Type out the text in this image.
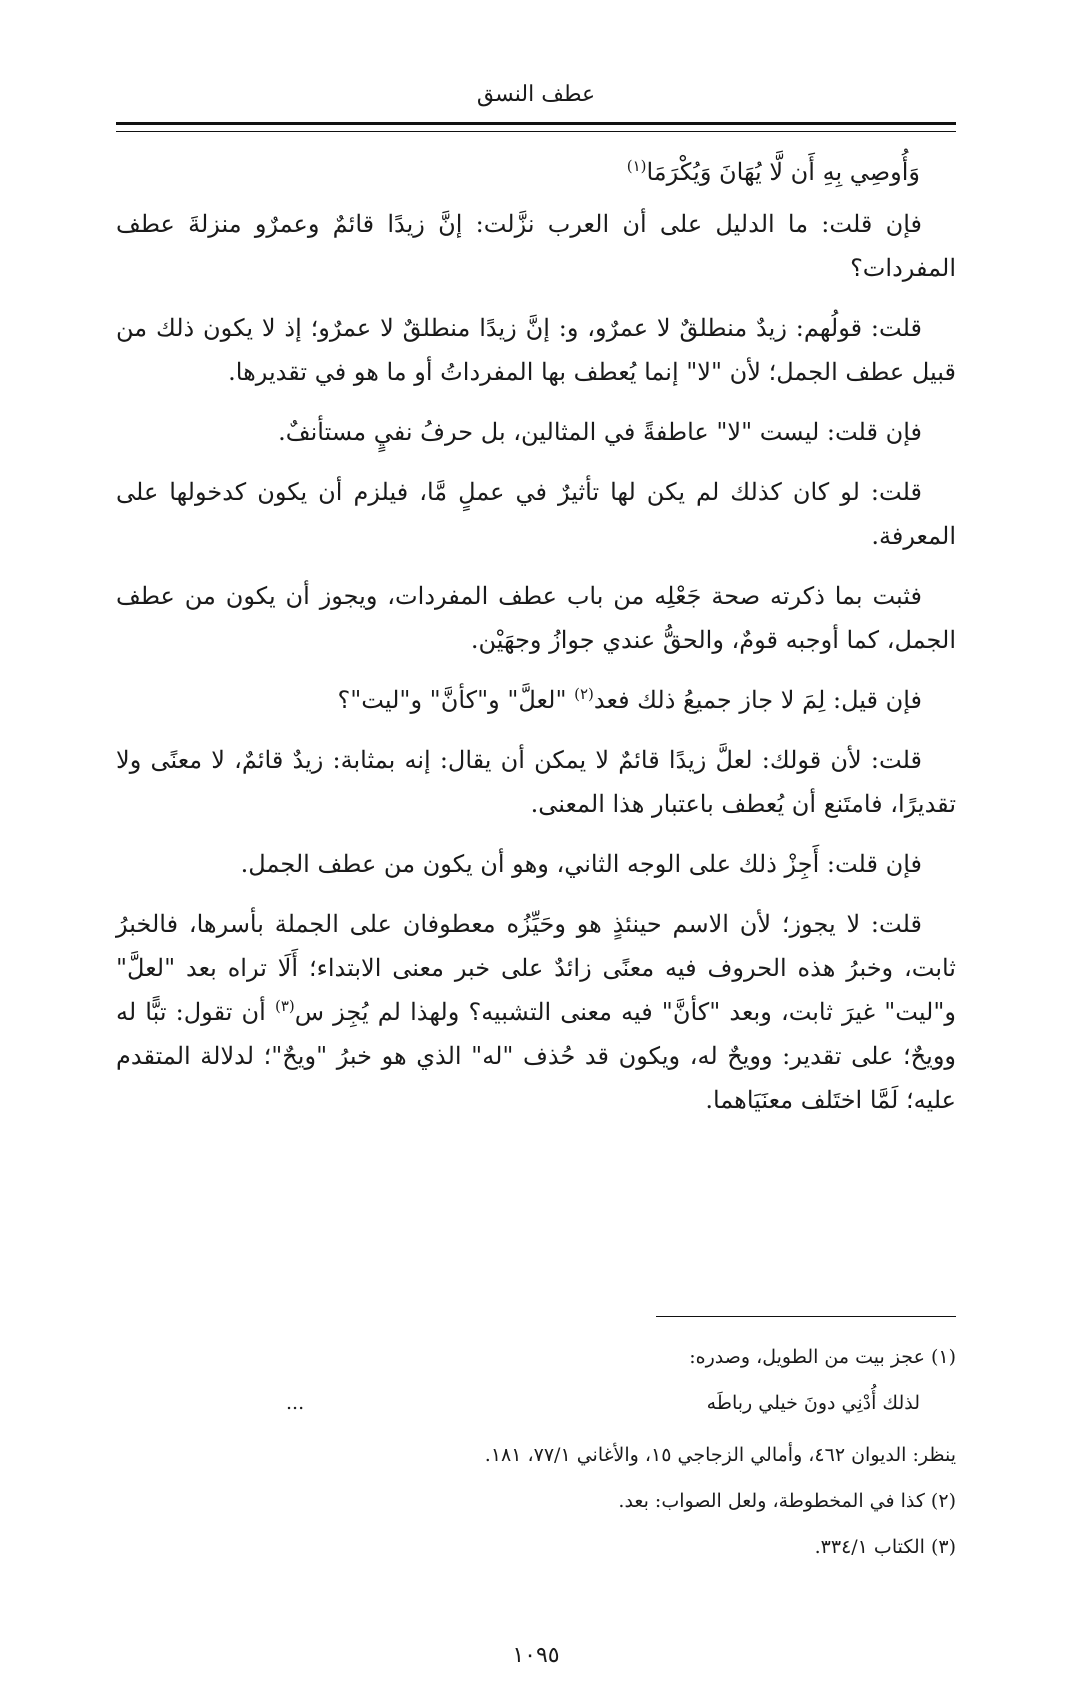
عطف النسق

وَأُوصِي بِهِ أَن لَّا يُهَانَ وَيُكْرَمَا$^{(١)}$

فإن قلت: ما الدليل على أن العرب نزَّلت: إنَّ زيدًا قائمٌ وعمرٌو منزلةَ عطف المفردات؟

قلت: قولُهم: زيدٌ منطلقٌ لا عمرٌو، و: إنَّ زيدًا منطلقٌ لا عمرٌو؛ إذ لا يكون ذلك من قبيل عطف الجمل؛ لأن "لا" إنما يُعطف بها المفرداتُ أو ما هو في تقديرها.

فإن قلت: ليست "لا" عاطفةً في المثالين، بل حرفُ نفيٍ مستأنفٌ.

قلت: لو كان كذلك لم يكن لها تأثيرٌ في عملٍ مَّا، فيلزم أن يكون كدخولها على المعرفة.

فثبت بما ذكرته صحة جَعْلِه من باب عطف المفردات، ويجوز أن يكون من عطف الجمل، كما أوجبه قومٌ، والحقُّ عندي جوازُ وجهَيْن.

فإن قيل: لِمَ لا جاز جميعُ ذلك فعد$^{(٢)}$ "لعلَّ" و"كأنَّ" و"ليت"؟

قلت: لأن قولك: لعلَّ زيدًا قائمٌ لا يمكن أن يقال: إنه بمثابة: زيدٌ قائمٌ، لا معنًى ولا تقديرًا، فامتَنع أن يُعطف باعتبار هذا المعنى.

فإن قلت: أَجِزْ ذلك على الوجه الثاني، وهو أن يكون من عطف الجمل.

قلت: لا يجوز؛ لأن الاسم حينئذٍ هو وحَيِّزُه معطوفان على الجملة بأسرها، فالخبرُ ثابت، وخبرُ هذه الحروف فيه معنًى زائدٌ على خبر معنى الابتداء؛ أَلَا تراه بعد "لعلَّ" و"ليت" غيرَ ثابت، وبعد "كأنَّ" فيه معنى التشبيه؟ ولهذا لم يُجِز س$^{(٣)}$ أن تقول: تبًّا له وويحٌ؛ على تقدير: وويحٌ له، ويكون قد حُذف "له" الذي هو خبرُ "ويحٌ"؛ لدلالة المتقدم عليه؛ لَمَّا اختَلف معنَيَاهما.

(١) عجز بيت من الطويل، وصدره:

لذلك أُدْنِي دونَ خيلي رباطَه
...

ينظر: الديوان ٤٦٢، وأمالي الزجاجي ١٥، والأغاني ٧٧/١، ١٨١.

(٢) كذا في المخطوطة، ولعل الصواب: بعد.

(٣) الكتاب ٣٣٤/١.

١٠٩٥
